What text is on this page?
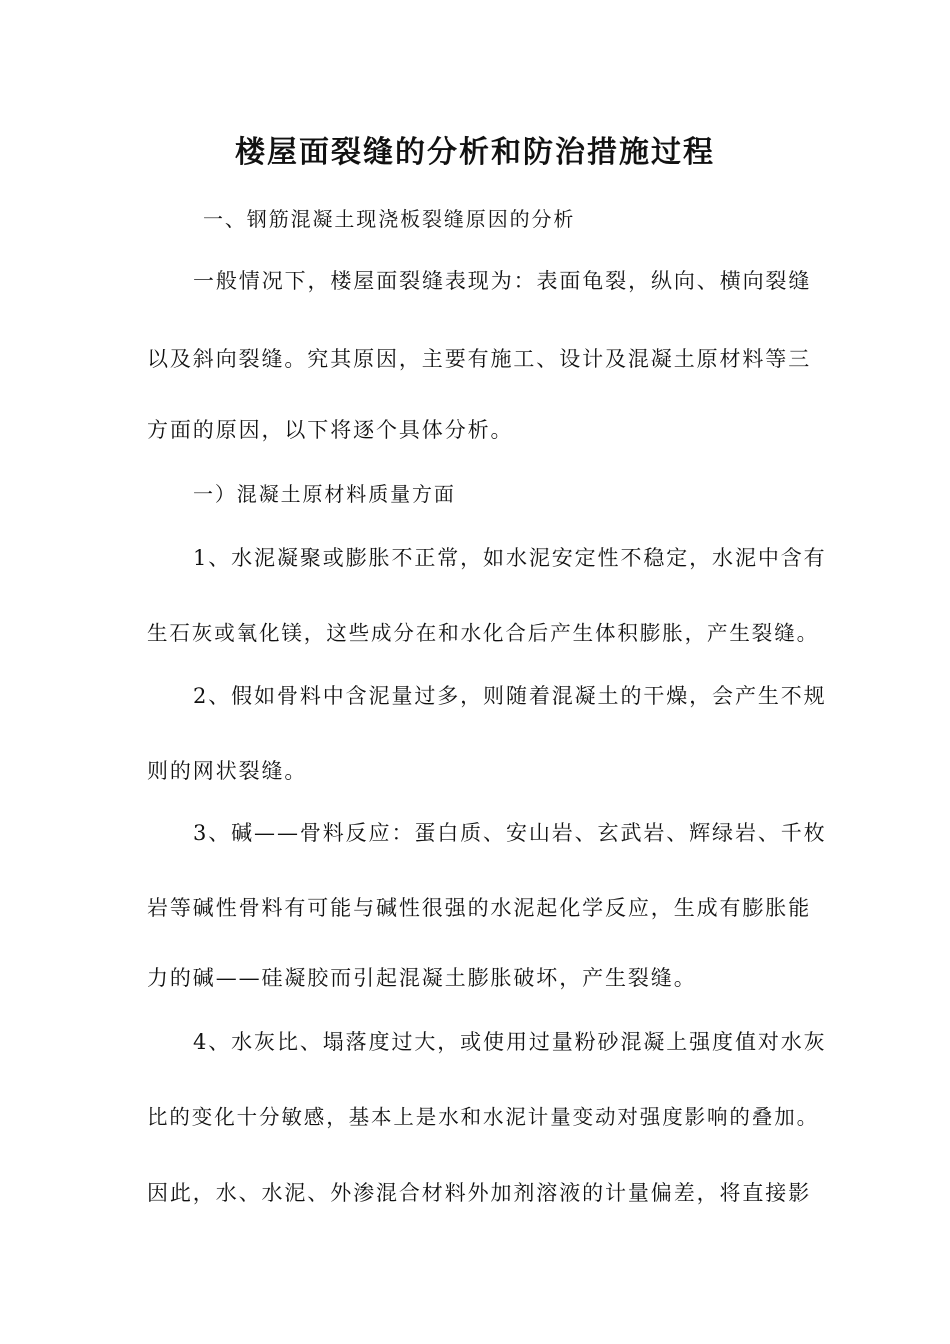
楼屋面裂缝的分析和防治措施过程
一、钢筋混凝土现浇板裂缝原因的分析
一般情况下，楼屋面裂缝表现为：表面龟裂，纵向、横向裂缝
以及斜向裂缝。究其原因，主要有施工、设计及混凝土原材料等三
方面的原因，以下将逐个具体分析。
一）混凝土原材料质量方面
1、水泥凝聚或膨胀不正常，如水泥安定性不稳定，水泥中含有
生石灰或氧化镁，这些成分在和水化合后产生体积膨胀，产生裂缝。
2、假如骨料中含泥量过多，则随着混凝土的干燥，会产生不规
则的网状裂缝。
3、碱——骨料反应：蛋白质、安山岩、玄武岩、辉绿岩、千枚
岩等碱性骨料有可能与碱性很强的水泥起化学反应，生成有膨胀能
力的碱——硅凝胶而引起混凝土膨胀破坏，产生裂缝。
4、水灰比、塌落度过大，或使用过量粉砂混凝上强度值对水灰
比的变化十分敏感，基本上是水和水泥计量变动对强度影响的叠加。
因此，水、水泥、外渗混合材料外加剂溶液的计量偏差，将直接影
